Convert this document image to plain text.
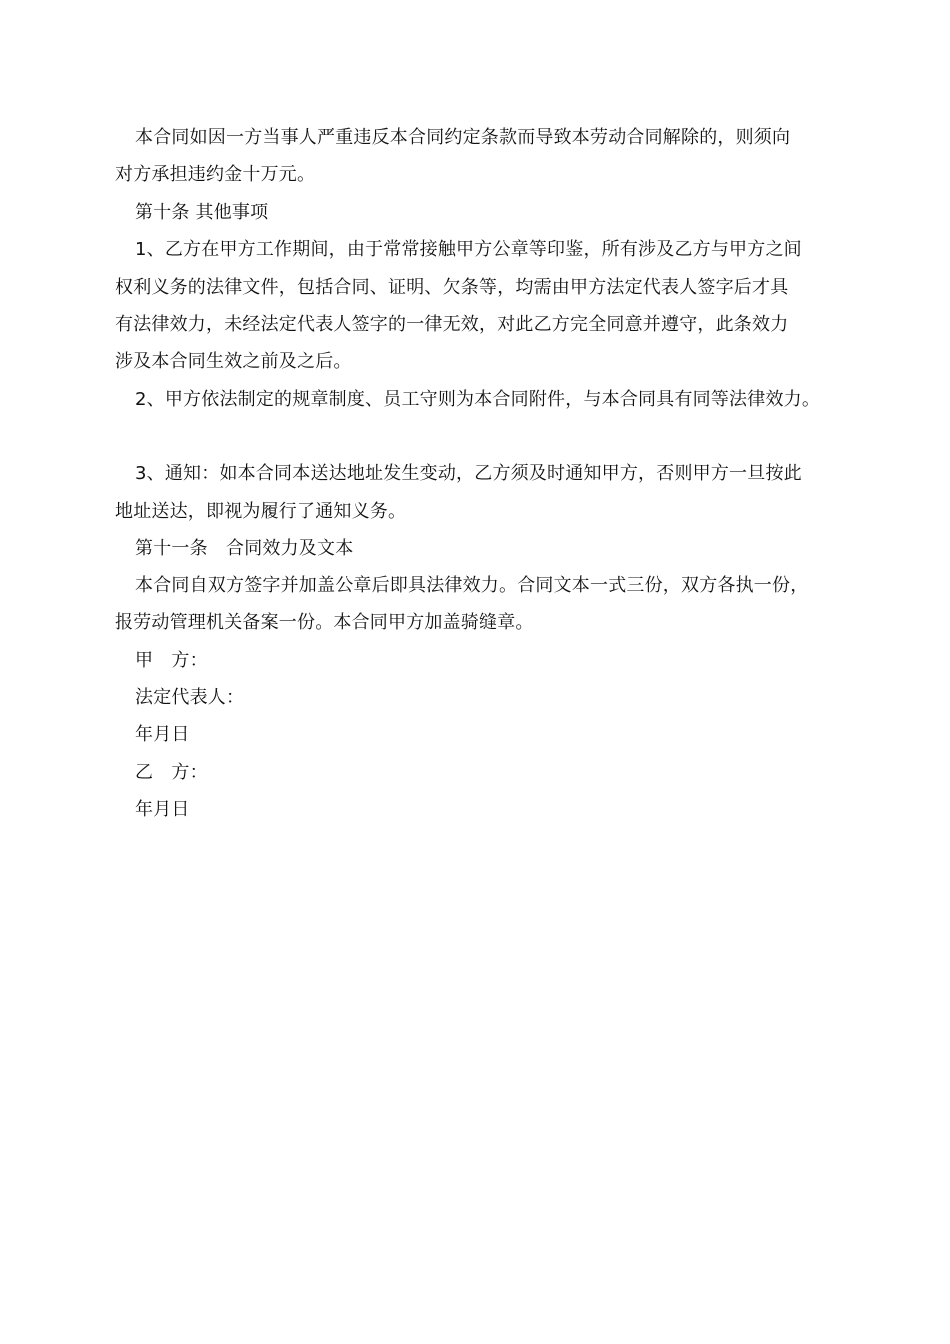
本合同如因一方当事人严重违反本合同约定条款而导致本劳动合同解除的，则须向
对方承担违约金十万元。
第十条 其他事项
1、乙方在甲方工作期间，由于常常接触甲方公章等印鉴，所有涉及乙方与甲方之间
权利义务的法律文件，包括合同、证明、欠条等，均需由甲方法定代表人签字后才具
有法律效力，未经法定代表人签字的一律无效，对此乙方完全同意并遵守，此条效力
涉及本合同生效之前及之后。
2、甲方依法制定的规章制度、员工守则为本合同附件，与本合同具有同等法律效力。
3、通知：如本合同本送达地址发生变动，乙方须及时通知甲方，否则甲方一旦按此
地址送达，即视为履行了通知义务。
第十一条　合同效力及文本
本合同自双方签字并加盖公章后即具法律效力。合同文本一式三份，双方各执一份，
报劳动管理机关备案一份。本合同甲方加盖骑缝章。
甲　方：
法定代表人：
年月日
乙　方：
年月日
